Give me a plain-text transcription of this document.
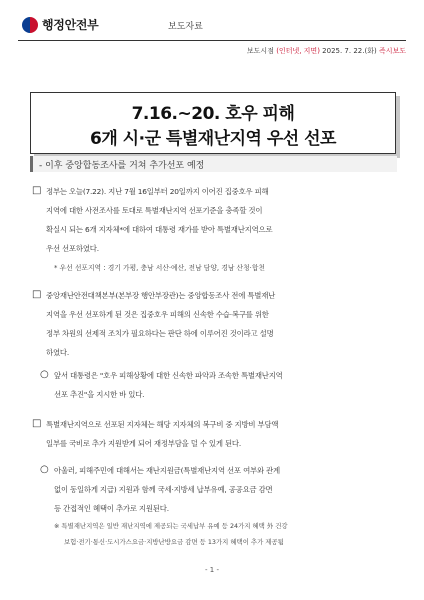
행정안전부	보도자료
보도시점 (인터넷, 지면) 2025. 7. 22.(화) 즉시보도
7.16.~20. 호우 피해
6개 시·군 특별재난지역 우선 선포
- 이후 중앙합동조사를 거쳐 추가선포 예정
□ 정부는 오늘(7.22). 지난 7월 16일부터 20일까지 이어진 집중호우 피해

지역에 대한 사전조사를 토대로 특별재난지역 선포기준을 충족할 것이

확실시 되는 6개 지자체*에 대하여 대통령 재가를 받아 특별재난지역으로

우선 선포하였다.

* 우선 선포지역 : 경기 가평, 충남 서산·예산, 전남 담양, 경남 산청·합천
□ 중앙재난안전대책본부(본부장 행안부장관)는 중앙합동조사 전에 특별재난

지역을 우선 선포하게 된 것은 집중호우 피해의 신속한 수습·복구를 위한

정부 차원의 선제적 조치가 필요하다는 판단 하에 이루어진 것이라고 설명

하였다.

○ 앞서 대통령은 "호우 피해상황에 대한 신속한 파악과 조속한 특별재난지역

선포 추진"을 지시한 바 있다.

□ 특별재난지역으로 선포된 지자체는 해당 지자체의 복구비 중 지방비 부담액

일부를 국비로 추가 지원받게 되어 재정부담을 덜 수 있게 된다.

○ 아울러, 피해주민에 대해서는 재난지원금(특별재난지역 선포 여부와 관계

없이 동일하게 지급) 지원과 함께 국세·지방세 납부유예, 공공요금 감면

등 간접적인 혜택이 추가로 지원된다.

※ 특별재난지역은 일반 재난지역에 제공되는 국세납부 유예 등 24가지 혜택 外 건강
보험·전기·통신·도시가스요금·지방난방요금 감면 등 13가지 혜택이 추가 제공됨
- 1 -
